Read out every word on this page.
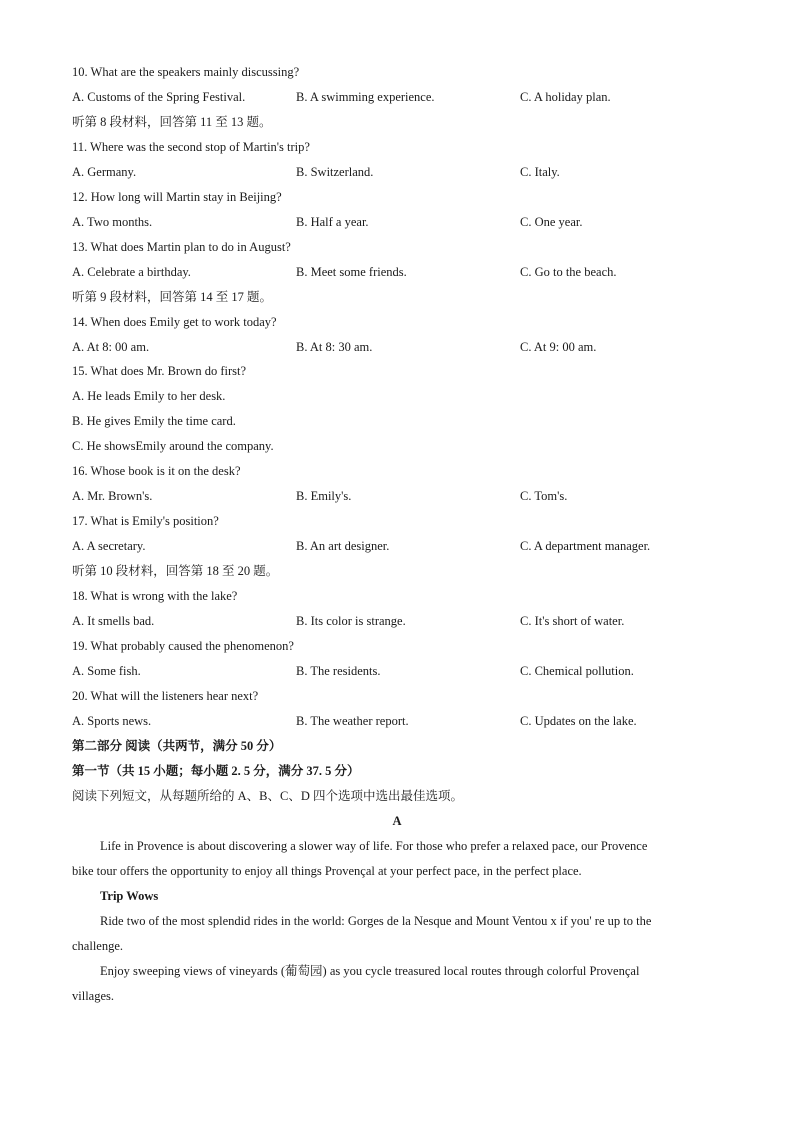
10. What are the speakers mainly discussing?
A. Customs of the Spring Festival.	B. A swimming experience.	C. A holiday plan.
听第 8 段材料，回答第 11 至 13 题。
11. Where was the second stop of Martin's trip?
A. Germany.	B. Switzerland.	C. Italy.
12. How long will Martin stay in Beijing?
A. Two months.	B. Half a year.	C. One year.
13. What does Martin plan to do in August?
A. Celebrate a birthday.	B. Meet some friends.	C. Go to the beach.
听第 9 段材料，回答第 14 至 17 题。
14. When does Emily get to work today?
A. At 8: 00 am.	B. At 8: 30 am.	C. At 9: 00 am.
15. What does Mr. Brown do first?
A. He leads Emily to her desk.
B. He gives Emily the time card.
C. He showsEmily around the company.
16. Whose book is it on the desk?
A. Mr. Brown's.	B. Emily's.	C. Tom's.
17. What is Emily's position?
A. A secretary.	B. An art designer.	C. A department manager.
听第 10 段材料，回答第 18 至 20 题。
18. What is wrong with the lake?
A. It smells bad.	B. Its color is strange.	C. It's short of water.
19. What probably caused the phenomenon?
A. Some fish.	B. The residents.	C. Chemical pollution.
20. What will the listeners hear next?
A. Sports news.	B. The weather report.	C. Updates on the lake.
第二部分 阅读（共两节，满分 50 分）
第一节（共 15 小题；每小题 2. 5 分，满分 37. 5 分）
阅读下列短文，从每题所给的 A、B、C、D 四个选项中选出最佳选项。
A
Life in Provence is about discovering a slower way of life. For those who prefer a relaxed pace, our Provence
bike tour offers the opportunity to enjoy all things Provençal at your perfect pace, in the perfect place.
Trip Wows
Ride two of the most splendid rides in the world: Gorges de la Nesque and Mount Ventou x if you' re up to the
challenge.
Enjoy sweeping views of vineyards (葡萄园) as you cycle treasured local routes through colorful Provençal
villages.
